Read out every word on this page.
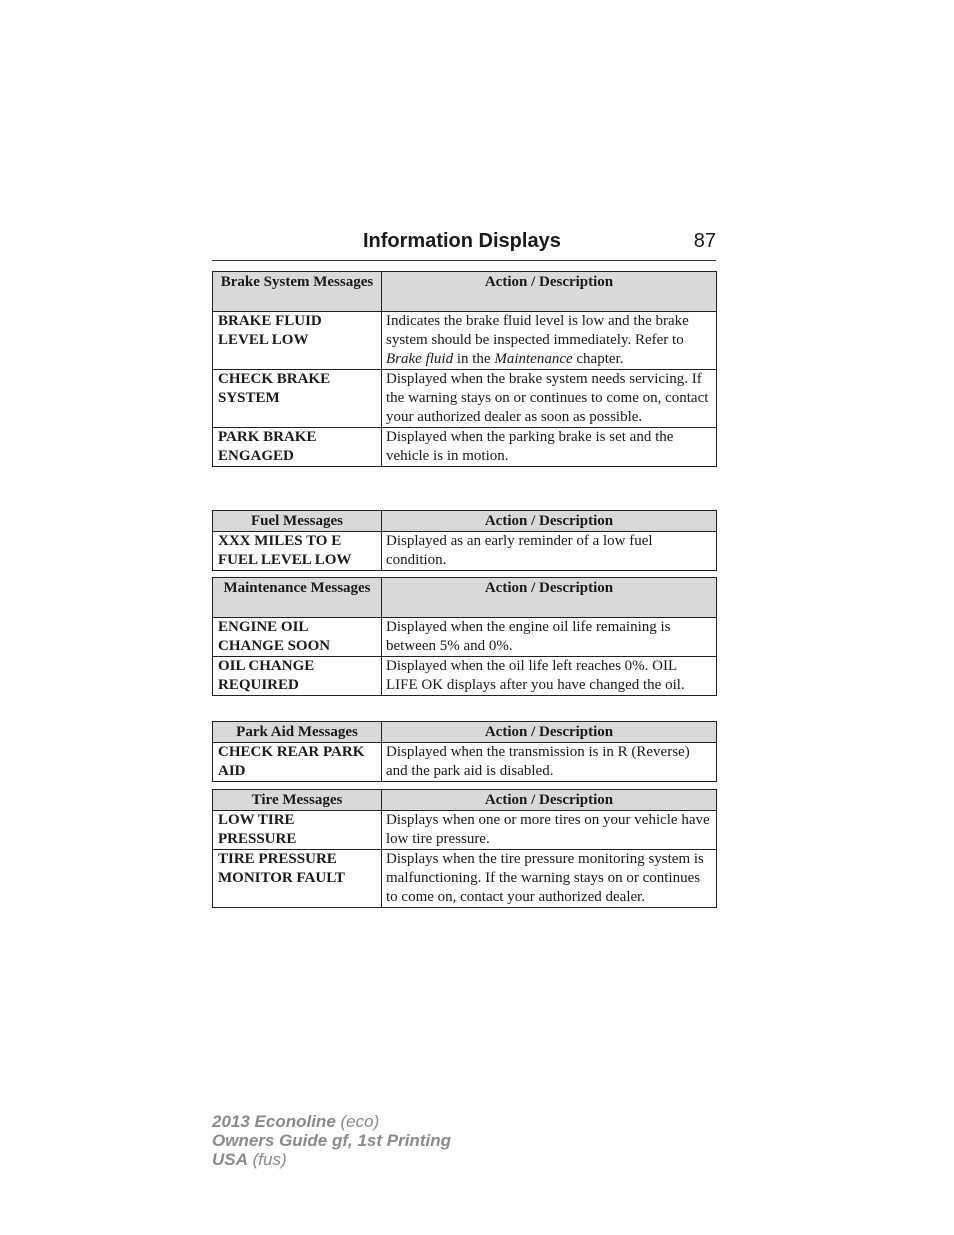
Information Displays	87
Brake System Messages	Action / Description
BRAKE FLUID LEVEL LOW	Indicates the brake fluid level is low and the brake system should be inspected immediately. Refer to Brake fluid in the Maintenance chapter.
CHECK BRAKE SYSTEM	Displayed when the brake system needs servicing. If the warning stays on or continues to come on, contact your authorized dealer as soon as possible.
PARK BRAKE ENGAGED	Displayed when the parking brake is set and the vehicle is in motion.
Fuel Messages	Action / Description
XXX MILES TO E FUEL LEVEL LOW	Displayed as an early reminder of a low fuel condition.
Maintenance Messages	Action / Description
ENGINE OIL CHANGE SOON	Displayed when the engine oil life remaining is between 5% and 0%.
OIL CHANGE REQUIRED	Displayed when the oil life left reaches 0%. OIL LIFE OK displays after you have changed the oil.
Park Aid Messages	Action / Description
CHECK REAR PARK AID	Displayed when the transmission is in R (Reverse) and the park aid is disabled.
Tire Messages	Action / Description
LOW TIRE PRESSURE	Displays when one or more tires on your vehicle have low tire pressure.
TIRE PRESSURE MONITOR FAULT	Displays when the tire pressure monitoring system is malfunctioning. If the warning stays on or continues to come on, contact your authorized dealer.
2013 Econoline (eco)
Owners Guide gf, 1st Printing
USA (fus)
